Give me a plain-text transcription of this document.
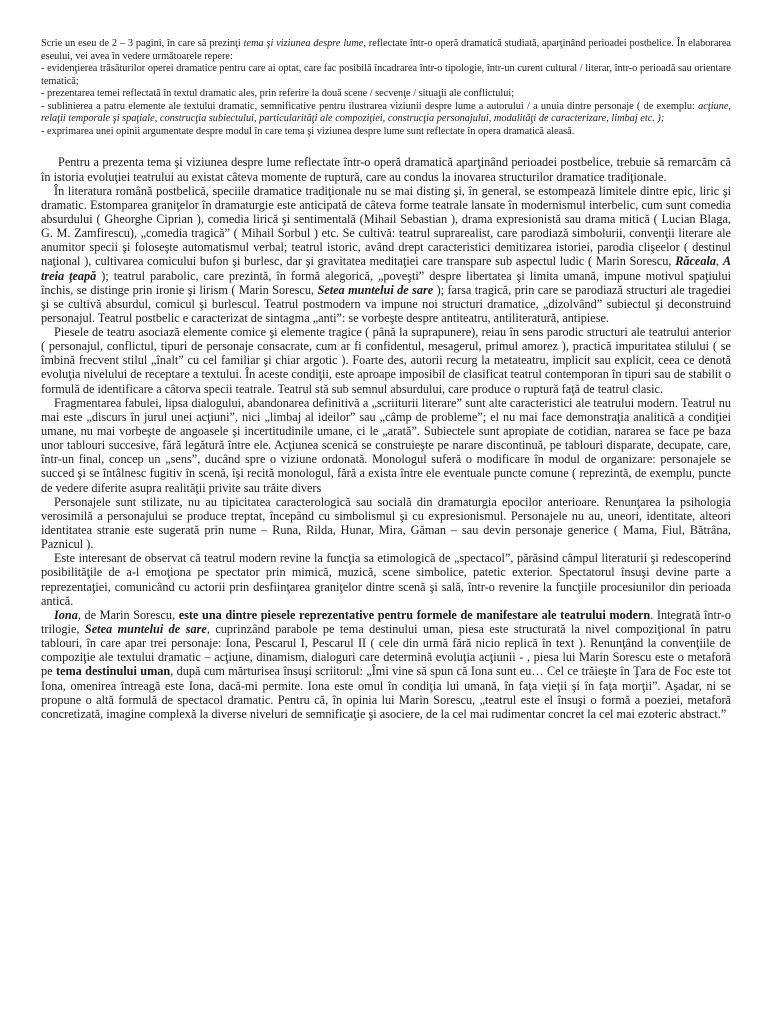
Scrie un eseu de 2 – 3 pagini, în care să prezinţi tema şi viziunea despre lume, reflectate într-o operă dramatică studiată, aparţinând perioadei postbelice. În elaborarea eseului, vei avea în vedere următoarele repere:

- evidenţierea trăsăturilor operei dramatice pentru care ai optat, care fac posibilă încadrarea într-o tipologie, într-un curent cultural / literar, într-o perioadă sau orientare tematică;

- prezentarea temei reflectată în textul dramatic ales, prin referire la două scene / secvenţe / situaţii ale conflictului;

- sublinierea a patru elemente ale textului dramatic, semnificative pentru ilustrarea viziunii despre lume a autorului / a unuia dintre personaje ( de exemplu: acţiune, relaţii temporale şi spaţiale, construcţia subiectului, particularităţi ale compoziţiei, construcţia personajului, modalităţi de caracterizare, limbaj etc. );

- exprimarea unei opinii argumentate despre modul în care tema şi viziunea despre lume sunt reflectate în opera dramatică aleasă.

Pentru a prezenta tema şi viziunea despre lume reflectate într-o operă dramatică aparţinând perioadei postbelice, trebuie să remarcăm că în istoria evoluţiei teatrului au existat câteva momente de ruptură, care au condus la inovarea structurilor dramatice tradiţionale.

În literatura română postbelică, speciile dramatice tradiţionale nu se mai disting şi, în general, se estompează limitele dintre epic, liric şi dramatic. Estomparea graniţelor în dramaturgie este anticipată de câteva forme teatrale lansate în modernismul interbelic, cum sunt comedia absurdului ( Gheorghe Ciprian ), comedia lirică şi sentimentală (Mihail Sebastian ), drama expresionistă sau drama mitică ( Lucian Blaga, G. M. Zamfirescu), „comedia tragică” ( Mihail Sorbul ) etc. Se cultivă: teatrul suprarealist, care parodiază simbolurii, convenţii literare ale anumitor specii şi foloseşte automatismul verbal; teatrul istoric, având drept caracteristici demitizarea istoriei, parodia clişeelor ( destinul naţional ), cultivarea comicului bufon şi burlesc, dar şi gravitatea meditaţiei care transpare sub aspectul ludic ( Marin Sorescu, Răceala, A treia ţeapă ); teatrul parabolic, care prezintă, în formă alegorică, „poveşti” despre libertatea şi limita umană, impune motivul spaţiului închis, se distinge prin ironie şi lirism ( Marin Sorescu, Setea muntelui de sare ); farsa tragică, prin care se parodiază structuri ale tragediei şi se cultivă absurdul, comicul şi burlescul. Teatrul postmodern va impune noi structuri dramatice, „dizolvând” subiectul şi deconstruind personajul. Teatrul postbelic e caracterizat de sintagma „anti”: se vorbeşte despre antiteatru, antiliteratură, antipiese.

Piesele de teatru asociază elemente comice şi elemente tragice ( până la suprapunere), reiau în sens parodic structuri ale teatrului anterior ( personajul, conflictul, tipuri de personaje consacrate, cum ar fi confidentul, mesagerul, primul amorez ), practică impuritatea stilului ( se îmbină frecvent stilul „înalt” cu cel familiar şi chiar argotic ). Foarte des, autorii recurg la metateatru, implicit sau explicit, ceea ce denotă evoluţia nivelului de receptare a textului. În aceste condiţii, este aproape imposibil de clasificat teatrul contemporan în tipuri sau de stabilit o formulă de identificare a câtorva specii teatrale. Teatrul stă sub semnul absurdului, care produce o ruptură faţă de teatrul clasic.

Fragmentarea fabulei, lipsa dialogului, abandonarea definitivă a „scriiturii literare” sunt alte caracteristici ale teatrului modern. Teatrul nu mai este „discurs în jurul unei acţiuni”, nici „limbaj al ideilor” sau „câmp de probleme”; el nu mai face demonstraţia analitică a condiţiei umane, nu mai vorbeşte de angoasele şi incertitudinile umane, ci le „arată”. Subiectele sunt apropiate de cotidian, nararea se face pe baza unor tablouri succesive, fără legătură între ele. Acţiunea scenică se construieşte pe narare discontinuă, pe tablouri disparate, decupate, care, într-un final, concep un „sens”, ducând spre o viziune ordonată. Monologul suferă o modificare în modul de organizare: personajele se succed şi se întâlnesc fugitiv în scenă, îşi recită monologul, fără a exista între ele eventuale puncte comune ( reprezintă, de exemplu, puncte de vedere diferite asupra realităţii privite sau trăite divers

Personajele sunt stilizate, nu au tipicitatea caracterologică sau socială din dramaturgia epocilor anterioare. Renunţarea la psihologia verosimilă a personajului se produce treptat, începând cu simbolismul şi cu expresionismul. Personajele nu au, uneori, identitate, alteori identitatea stranie este sugerată prin nume – Runa, Rilda, Hunar, Mira, Găman – sau devin personaje generice ( Mama, Fiul, Bătrâna, Paznicul ).

Este interesant de observat că teatrul modern revine la funcţia sa etimologică de „spectacol”, părăsind câmpul literaturii şi redescoperind posibilităţile de a-l emoţiona pe spectator prin mimică, muzică, scene simbolice, patetic exterior. Spectatorul însuşi devine parte a reprezentaţiei, comunicând cu actorii prin desfiinţarea graniţelor dintre scenă şi sală, într-o revenire la funcţiile procesiunilor din perioada antică.

Iona, de Marin Sorescu, este una dintre piesele reprezentative pentru formele de manifestare ale teatrului modern. Integrată într-o trilogie, Setea muntelui de sare, cuprinzând parabole pe tema destinului uman, piesa este structurată la nivel compoziţional în patru tablouri, în care apar trei personaje: Iona, Pescarul I, Pescarul II ( cele din urmă fără nicio replică în text ). Renunţând la convenţiile de compoziţie ale textului dramatic – acţiune, dinamism, dialoguri care determină evoluţia acţiunii - , piesa lui Marin Sorescu este o metaforă pe tema destinului uman, după cum mărturisea însuşi scriitorul: „Îmi vine să spun că Iona sunt eu… Cel ce trăieşte în Ţara de Foc este tot Iona, omenirea întreagă este Iona, dacă-mi permite. Iona este omul în condiţia lui umană, în faţa vieţii şi în faţa morţii”. Aşadar, ni se propune o altă formulă de spectacol dramatic. Pentru că, în opinia lui Marin Sorescu, „teatrul este el însuşi o formă a poeziei, metaforă concretizată, imagine complexă la diverse niveluri de semnificaţie şi asociere, de la cel mai rudimentar concret la cel mai ezoteric abstract.”
